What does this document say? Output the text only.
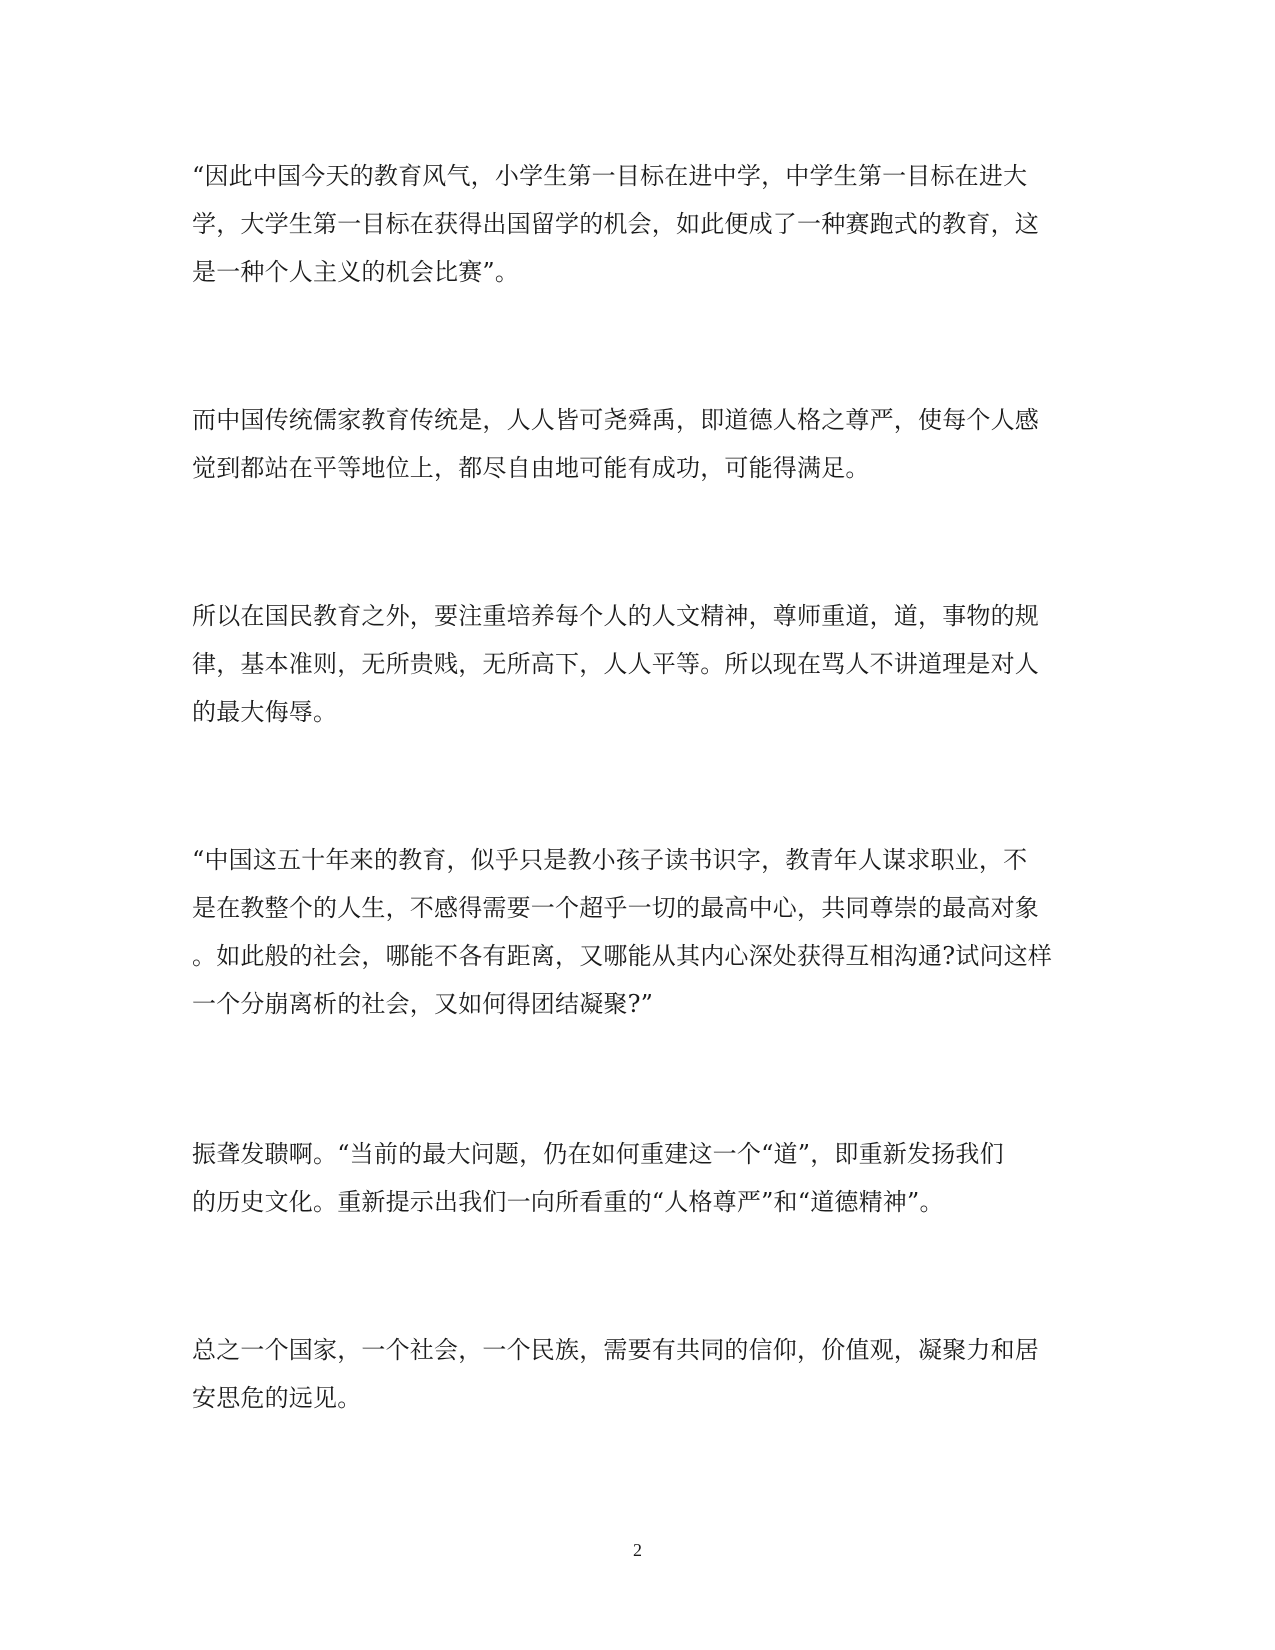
“因此中国今天的教育风气，小学生第一目标在进中学，中学生第一目标在进大
学，大学生第一目标在获得出国留学的机会，如此便成了一种赛跑式的教育，这
是一种个人主义的机会比赛”。
而中国传统儒家教育传统是，人人皆可尧舜禹，即道德人格之尊严，使每个人感
觉到都站在平等地位上，都尽自由地可能有成功，可能得满足。
所以在国民教育之外，要注重培养每个人的人文精神，尊师重道，道，事物的规
律，基本准则，无所贵贱，无所高下，人人平等。所以现在骂人不讲道理是对人
的最大侮辱。
“中国这五十年来的教育，似乎只是教小孩子读书识字，教青年人谋求职业，不
是在教整个的人生，不感得需要一个超乎一切的最高中心，共同尊崇的最高对象
。如此般的社会，哪能不各有距离，又哪能从其内心深处获得互相沟通?试问这样
一个分崩离析的社会，又如何得团结凝聚?”
振聋发聩啊。“当前的最大问题，仍在如何重建这一个“道”，即重新发扬我们
的历史文化。重新提示出我们一向所看重的“人格尊严”和“道德精神”。
总之一个国家，一个社会，一个民族，需要有共同的信仰，价值观，凝聚力和居
安思危的远见。
2
